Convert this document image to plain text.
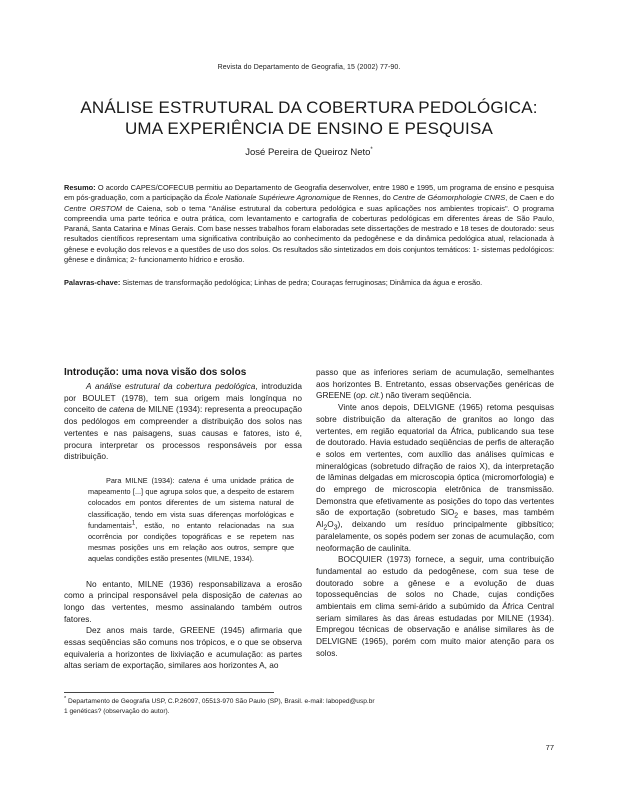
Revista do Departamento de Geografia, 15 (2002) 77-90.
ANÁLISE ESTRUTURAL DA COBERTURA PEDOLÓGICA:
UMA EXPERIÊNCIA DE ENSINO E PESQUISA
José Pereira de Queiroz Neto*
Resumo: O acordo CAPES/COFECUB permitiu ao Departamento de Geografia desenvolver, entre 1980 e 1995, um programa de ensino e pesquisa em pós-graduação, com a participação da École Nationale Supérieure Agronomique de Rennes, do Centre de Géomorphologie CNRS, de Caen e do Centre ORSTOM de Caiena, sob o tema "Análise estrutural da cobertura pedológica e suas aplicações nos ambientes tropicais". O programa compreendia uma parte teórica e outra prática, com levantamento e cartografia de coberturas pedológicas em diferentes áreas de São Paulo, Paraná, Santa Catarina e Minas Gerais. Com base nesses trabalhos foram elaboradas sete dissertações de mestrado e 18 teses de doutorado: seus resultados científicos representam uma significativa contribuição ao conhecimento da pedogênese e da dinâmica pedológica atual, relacionada à gênese e evolução dos relevos e a questões de uso dos solos. Os resultados são sintetizados em dois conjuntos temáticos: 1- sistemas pedológicos: gênese e dinâmica; 2- funcionamento hídrico e erosão.
Palavras-chave: Sistemas de transformação pedológica; Linhas de pedra; Couraças ferruginosas; Dinâmica da água e erosão.
Introdução: uma nova visão dos solos

A análise estrutural da cobertura pedológica, introduzida por BOULET (1978), tem sua origem mais longínqua no conceito de catena de MILNE (1934): representa a preocupação dos pedólogos em compreender a distribuição dos solos nas vertentes e nas paisagens, suas causas e fatores, isto é, procura interpretar os processos responsáveis por essa distribuição.

Para MILNE (1934): catena é uma unidade prática de mapeamento [...] que agrupa solos que, a despeito de estarem colocados em pontos diferentes de um sistema natural de classificação, tendo em vista suas diferenças morfológicas e fundamentais$^1$, estão, no entanto relacionadas na sua ocorrência por condições topográficas e se repetem nas mesmas posições uns em relação aos outros, sempre que aquelas condições estão presentes (MILNE, 1934).

No entanto, MILNE (1936) responsabilizava a erosão como a principal responsável pela disposição de catenas ao longo das vertentes, mesmo assinalando também outros fatores.

Dez anos mais tarde, GREENE (1945) afirmaria que essas seqüências são comuns nos trópicos, e o que se observa equivaleria a horizontes de lixiviação e acumulação: as partes altas seriam de exportação, similares aos horizontes A, ao

passo que as inferiores seriam de acumulação, semelhantes aos horizontes B. Entretanto, essas observações genéricas de GREENE (op. cit.) não tiveram seqüência.

Vinte anos depois, DELVIGNE (1965) retoma pesquisas sobre distribuição da alteração de granitos ao longo das vertentes, em região equatorial da África, publicando sua tese de doutorado. Havia estudado seqüências de perfis de alteração e solos em vertentes, com auxílio das análises químicas e mineralógicas (sobretudo difração de raios X), da interpretação de lâminas delgadas em microscopia óptica (micromorfologia) e do emprego de microscopia eletrônica de transmissão. Demonstra que efetivamente as posições do topo das vertentes são de exportação (sobretudo SiO$_2$ e bases, mas também $Al_2O_3$), deixando um resíduo principalmente gibbsítico; paralelamente, os sopés podem ser zonas de acumulação, com neoformação de caulinita.

BOCQUIER (1973) fornece, a seguir, uma contribuição fundamental ao estudo da pedogênese, com sua tese de doutorado sobre a gênese e a evolução de duas topossequências de solos no Chade, cujas condições ambientais em clima semi-árido a subúmido da África Central seriam similares às das áreas estudadas por MILNE (1934). Empregou técnicas de observação e análise similares às de DELVIGNE (1965), porém com muito maior atenção para os solos.

* Departamento de Geografia USP, C.P.26097, 05513-970 São Paulo (SP), Brasil. e-mail: laboped@usp.br
1 genéticas? (observação do autor).
77
